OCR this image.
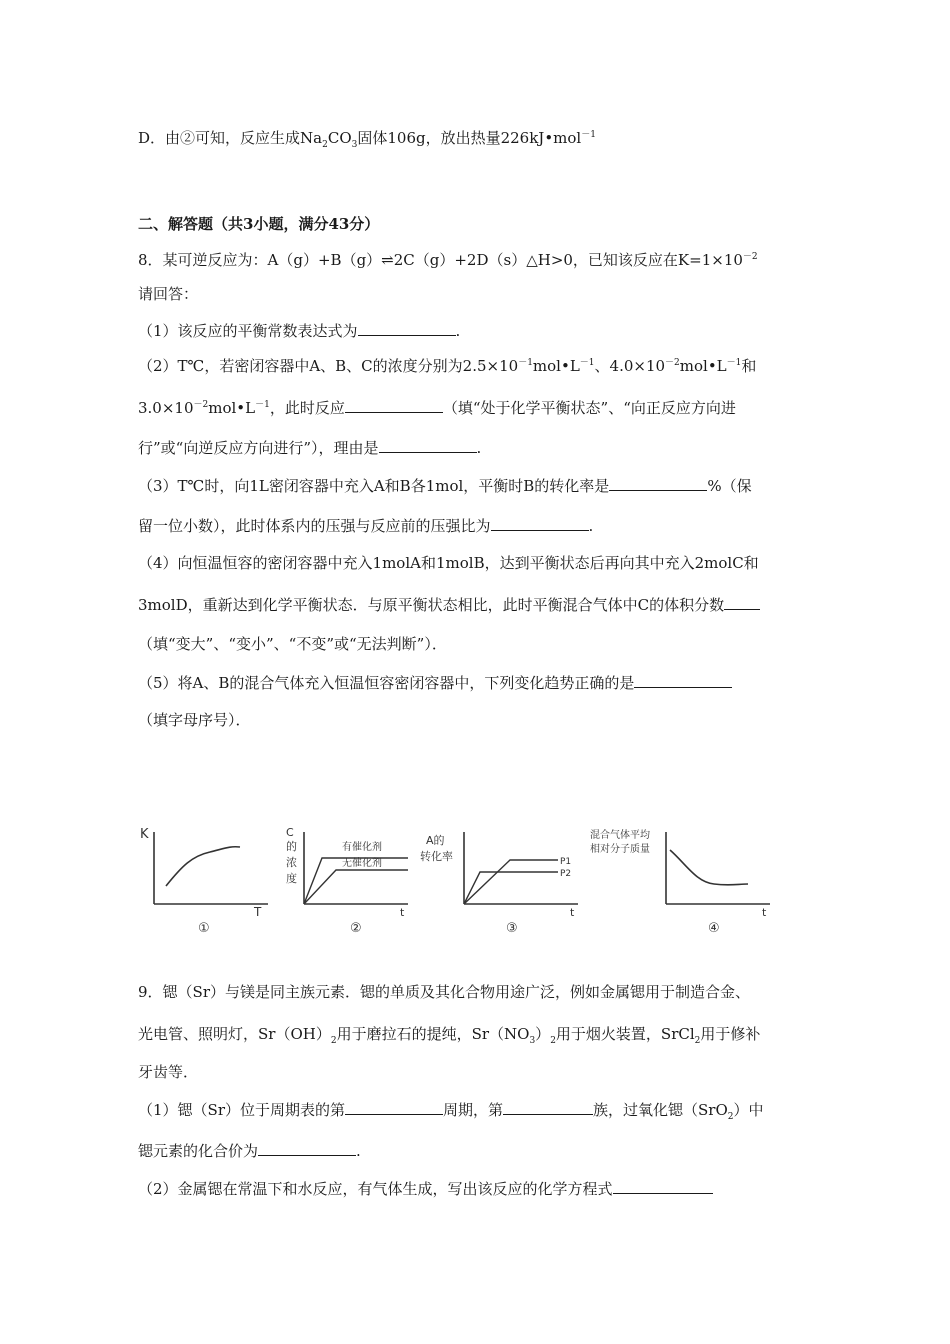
D．由②可知，反应生成$Na_2CO_3$固体106g，放出热量226kJ•mol$^{-1}$
二、解答题（共3小题，满分43分）
8．某可逆反应为：A（g）+B（g）⇌2C（g）+2D（s）△H>0，已知该反应在$K=1\times 10^{-2}$
请回答：
（1）该反应的平衡常数表达式为	.
（2）T℃，若密闭容器中A、B、C的浓度分别为$2.5\times 10^{-1}mol•L^{-1}$、$4.0\times 10^{-2}mol•L^{-1}$和
$3.0\times 10^{-2}mol•L^{-1}$，此时反应	（填“处于化学平衡状态”、“向正反应方向进
行”或“向逆反应方向进行”），理由是	.
（3）T℃时，向1L密闭容器中充入A和B各1mol，平衡时B的转化率是	%（保
留一位小数），此时体系内的压强与反应前的压强比为	.
（4）向恒温恒容的密闭容器中充入1molA和1molB，达到平衡状态后再向其中充入2molC和
3molD，重新达到化学平衡状态．与原平衡状态相比，此时平衡混合气体中C的体积分数
（填“变大”、“变小”、“不变”或“无法判断”）．
（5）将A、B的混合气体充入恒温恒容密闭容器中，下列变化趋势正确的是
（填字母序号）．
K
T
①
C
的
浓
度
有催化剂
无催化剂
t
②
A的
转化率	P1
P2
t
③
混合气体平均
相对分子质量
t
④
9．锶（Sr）与镁是同主族元素．锶的单质及其化合物用途广泛，例如金属锶用于制造合金、
光电管、照明灯，$Sr(OH)_2$用于磨拉石的提纯，$Sr(NO_3)_2$用于烟火装置，SrCl$_2$用于修补
牙齿等．
（1）锶（Sr）位于周期表的第	周期，第	族，过氧化锶（SrO$_2$）中
锶元素的化合价为	.
（2）金属锶在常温下和水反应，有气体生成，写出该反应的化学方程式
